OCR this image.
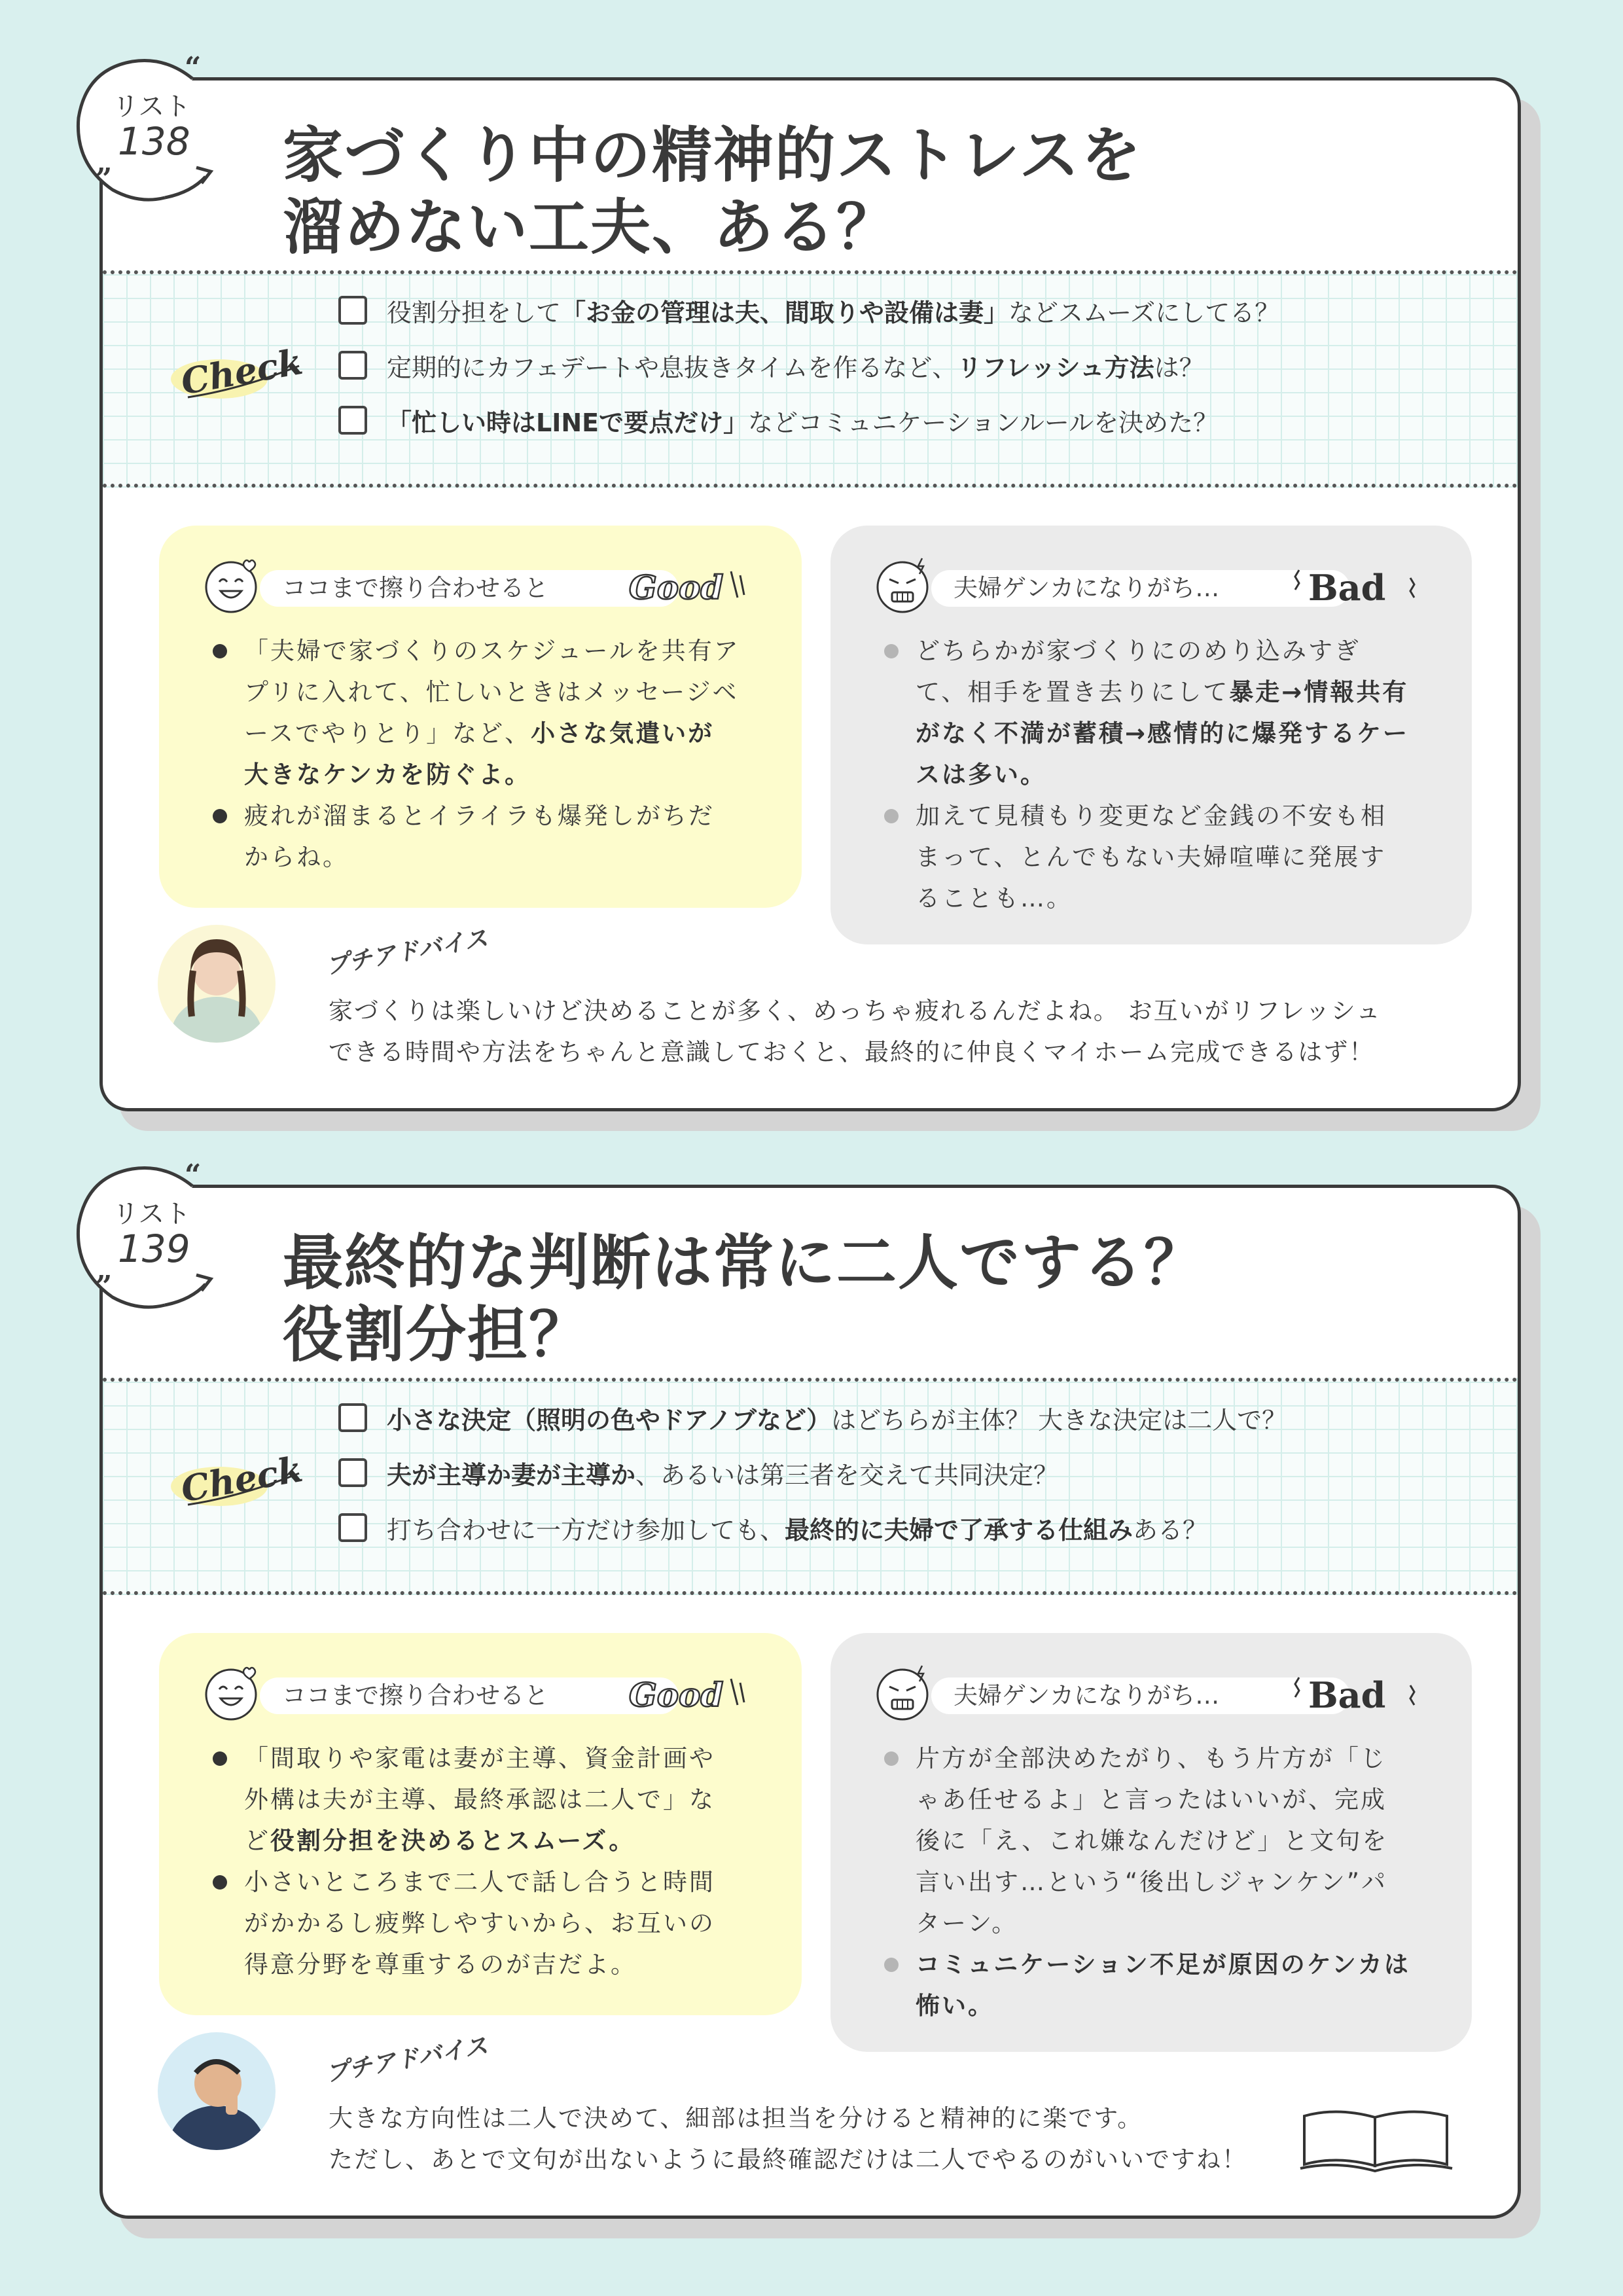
家づくり中の精神的ストレスを
溜めない工夫、ある？
Check
役割分担をして 「お金の管理は夫、間取りや設備は妻」 などスムーズにしてる？
定期的にカフェデートや息抜きタイムを作るなど、 リフレッシュ方法 は？
「忙しい時はLINEで要点だけ」 などコミュニケーションルールを決めた？
ココまで擦り合わせると	Good
「夫婦で家づくりのスケジュールを共有アプリに入れて、忙しいときはメッセージベースでやりとり」など、小さな気遣いが大きなケンカを防ぐよ。
疲れが溜まるとイライラも爆発しがちだからね。
夫婦ゲンカになりがち…	Bad
どちらかが家づくりにのめり込みすぎて、相手を置き去りにして暴走→情報共有がなく不満が蓄積→感情的に爆発するケースは多い。
加えて見積もり変更など金銭の不安も相まって、とんでもない夫婦喧嘩に発展することも…。
プチアドバイス
家づくりは楽しいけど決めることが多く、めっちゃ疲れるんだよね。 お互いがリフレッシュ
できる時間や方法をちゃんと意識しておくと、最終的に仲良くマイホーム完成できるはず！
“
”
リスト
138
最終的な判断は常に二人でする？
役割分担？
Check
小さな決定（照明の色やドアノブなど） はどちらが主体？ 大きな決定は二人で？
夫が主導か妻が主導か 、あるいは第三者を交えて共同決定？
打ち合わせに一方だけ参加しても、 最終的に夫婦で了承する仕組み ある？
ココまで擦り合わせると	Good
「間取りや家電は妻が主導、資金計画や外構は夫が主導、最終承認は二人で」など役割分担を決めるとスムーズ。
小さいところまで二人で話し合うと時間がかかるし疲弊しやすいから、お互いの得意分野を尊重するのが吉だよ。
夫婦ゲンカになりがち…	Bad
片方が全部決めたがり、もう片方が「じゃあ任せるよ」と言ったはいいが、完成後に「え、これ嫌なんだけど」と文句を言い出す…という“後出しジャンケン”パターン。
コミュニケーション不足が原因のケンカは怖い。
プチアドバイス
大きな方向性は二人で決めて、細部は担当を分けると精神的に楽です。
ただし、あとで文句が出ないように最終確認だけは二人でやるのがいいですね！
“
”
リスト
139
